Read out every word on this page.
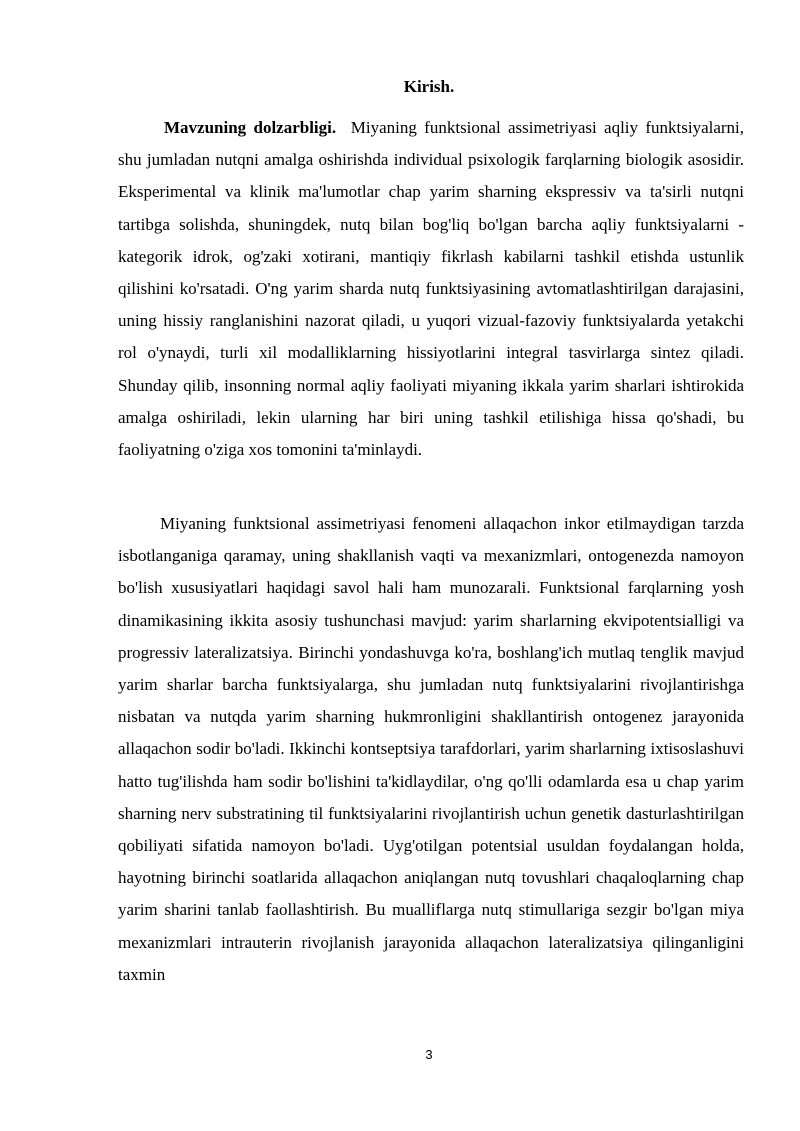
Kirish.

Mavzuning dolzarbligi. Miyaning funktsional assimetriyasi aqliy funktsiyalarni, shu jumladan nutqni amalga oshirishda individual psixologik farqlarning biologik asosidir. Eksperimental va klinik ma'lumotlar chap yarim sharning ekspressiv va ta'sirli nutqni tartibga solishda, shuningdek, nutq bilan bog'liq bo'lgan barcha aqliy funktsiyalarni - kategorik idrok, og'zaki xotirani, mantiqiy fikrlash kabilarni tashkil etishda ustunlik qilishini ko'rsatadi. O'ng yarim sharda nutq funktsiyasining avtomatlashtirilgan darajasini, uning hissiy ranglanishini nazorat qiladi, u yuqori vizual-fazoviy funktsiyalarda yetakchi rol o'ynaydi, turli xil modalliklarning hissiyotlarini integral tasvirlarga sintez qiladi. Shunday qilib, insonning normal aqliy faoliyati miyaning ikkala yarim sharlari ishtirokida amalga oshiriladi, lekin ularning har biri uning tashkil etilishiga hissa qo'shadi, bu faoliyatning o'ziga xos tomonini ta'minlaydi.

Miyaning funktsional assimetriyasi fenomeni allaqachon inkor etilmaydigan tarzda isbotlanganiga qaramay, uning shakllanish vaqti va mexanizmlari, ontogenezda namoyon bo'lish xususiyatlari haqidagi savol hali ham munozarali. Funktsional farqlarning yosh dinamikasining ikkita asosiy tushunchasi mavjud: yarim sharlarning ekvipotentsialligi va progressiv lateralizatsiya. Birinchi yondashuvga ko'ra, boshlang'ich mutlaq tenglik mavjud yarim sharlar barcha funktsiyalarga, shu jumladan nutq funktsiyalarini rivojlantirishga nisbatan va nutqda yarim sharning hukmronligini shakllantirish ontogenez jarayonida allaqachon sodir bo'ladi. Ikkinchi kontseptsiya tarafdorlari, yarim sharlarning ixtisoslashuvi hatto tug'ilishda ham sodir bo'lishini ta'kidlaydilar, o'ng qo'lli odamlarda esa u chap yarim sharning nerv substratining til funktsiyalarini rivojlantirish uchun genetik dasturlashtirilgan qobiliyati sifatida namoyon bo'ladi. Uyg'otilgan potentsial usuldan foydalangan holda, hayotning birinchi soatlarida allaqachon aniqlangan nutq tovushlari chaqaloqlarning chap yarim sharini tanlab faollashtirish. Bu mualliflarga nutq stimullariga sezgir bo'lgan miya mexanizmlari intrauterin rivojlanish jarayonida allaqachon lateralizatsiya qilinganligini taxmin

3
